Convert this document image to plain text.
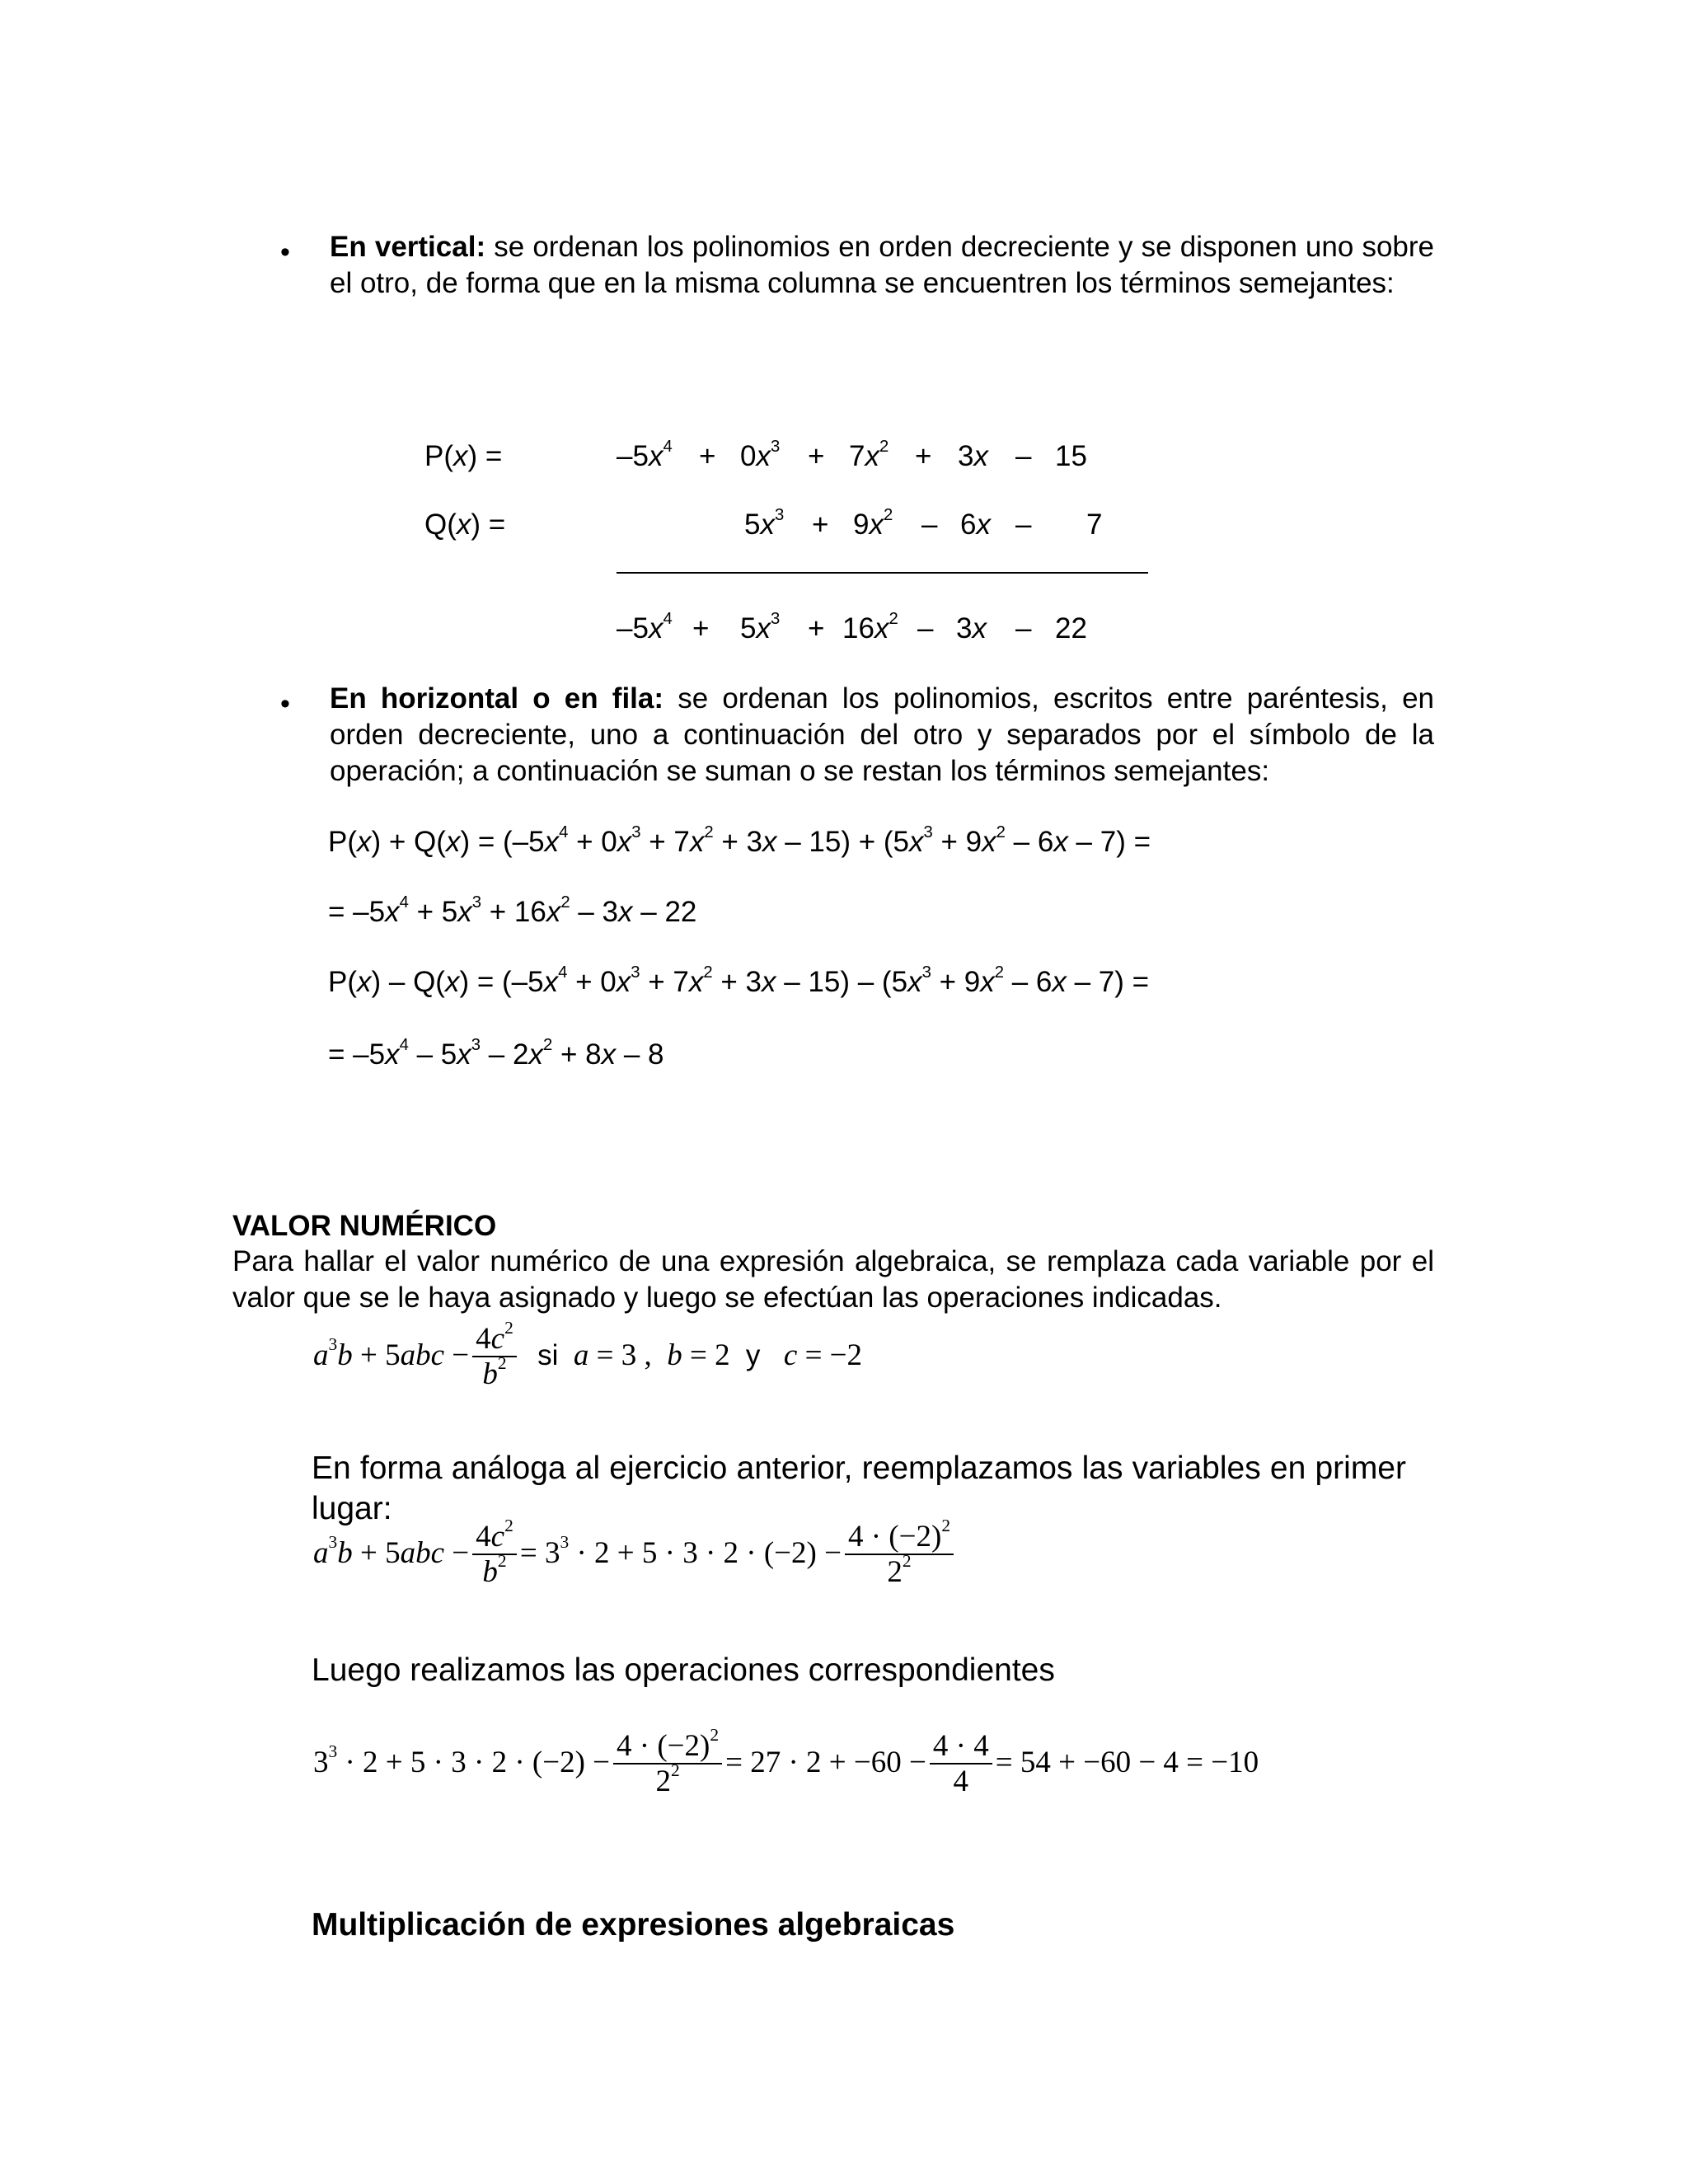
• En vertical: se ordenan los polinomios en orden decreciente y se disponen uno sobre el otro, de forma que en la misma columna se encuentren los términos semejantes:
P(x) =
Q(x) =
$-5x^4 + 0x^3 + 7x^2 + 3x - 15$
$5x^3 + 9x^2 - 6x - 7$
$-5x^4 + 5x^3 + 16x^2 - 3x - 22$
• En horizontal o en fila: se ordenan los polinomios, escritos entre paréntesis, en orden decreciente, uno a continuación del otro y separados por el símbolo de la operación; a continuación se suman o se restan los términos semejantes:
$P(x) + Q(x) = (-5x^4 + 0x^3 + 7x^2 + 3x - 15) + (5x^3 + 9x^2 - 6x - 7)$ =
= $-5x^4 + 5x^3 + 16x^2 - 3x - 22$
$P(x) - Q(x) = (-5x^4 + 0x^3 + 7x^2 + 3x - 15) - (5x^3 + 9x^2 - 6x - 7)$ =
= $-5x^4 - 5x^3 - 2x^2 + 8x - 8$
VALOR NUMÉRICO
Para hallar el valor numérico de una expresión algebraica, se remplaza cada variable por el valor que se le haya asignado y luego se efectúan las operaciones indicadas.
$a^3b + 5abc - \frac{4c^2}{b^2}$ si a = 3 ,  b = 2 y c = −2
En forma análoga al ejercicio anterior, reemplazamos las variables en primer lugar:
$a^3b + 5abc - \frac{4c^2}{b^2} = 3^3 \cdot 2 + 5 \cdot 3 \cdot 2 \cdot (-2) - \frac{4 \cdot (-2)^2}{2^2}$
Luego realizamos las operaciones correspondientes
$3^3 \cdot 2 + 5 \cdot 3 \cdot 2 \cdot (-2) - \frac{4 \cdot (-2)^2}{2^2} = 27 \cdot 2 + -60 - \frac{4 \cdot 4}{4} = 54 + -60 - 4 = -10$
Multiplicación de expresiones algebraicas
